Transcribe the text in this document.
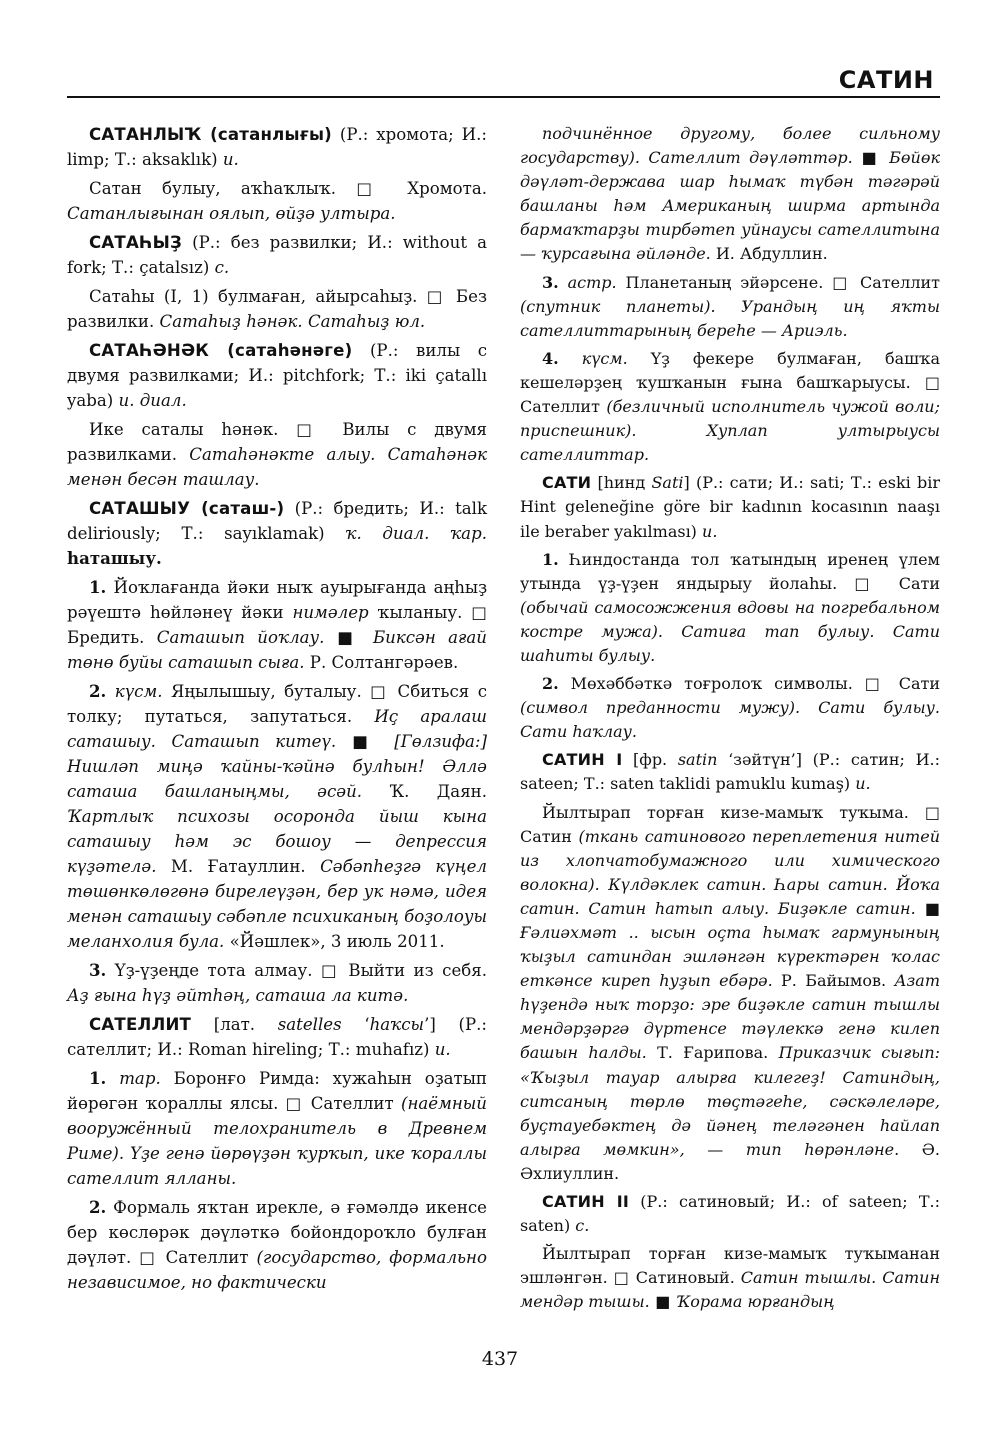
САТИН

САТАНЛЫҠ (сатанлығы) (Р.: хромота; И.: limp; Т.: aksaklık) и.

Сатан булыу, аҡһаҡлыҡ. □ Хромота. Сатанлығынан оялып, өйҙә ултыра.

САТАҺЫҘ (Р.: без развилки; И.: without a fork; Т.: çatalsız) с.

Сатаһы (I, 1) булмаған, айырсаһыҙ. □ Без развилки. Сатаһыҙ һәнәк. Сатаһыҙ юл.

САТАҺӘНӘК (сатаһәнәге) (Р.: вилы с двумя развилками; И.: pitchfork; Т.: iki çatallı yaba) и. диал.

Ике саталы һәнәк. □ Вилы с двумя развилками. Сатаһәнәкте алыу. Сатаһәнәк менән бесән ташлау.

САТАШЫУ (саташ-) (Р.: бредить; И.: talk deliriously; Т.: sayıklamak) ҡ. диал. ҡар. һаташыу.

1. Йоҡлағанда йәки ныҡ ауырығанда аңһыҙ рәүештә һөйләнеү йәки нимәлер ҡыланыу. □ Бредить. Саташып йоҡлау. ■ Биксән ағай төнө буйы саташып сыға. Р. Солтангәрәев.

2. күсм. Яңылышыу, буталыу. □ Сбиться с толку; путаться, запутаться. Иҫ аралаш саташыу. Саташып китеү. ■ [Гөлзифа:] Нишләп миңә ҡайны-ҡәйнә булһын! Әллә саташа башланыңмы, әсәй. Ҡ. Даян. Ҡартлыҡ психозы осоронда йыш кына саташыу һәм эс бошоу — депрессия күҙәтелә. М. Ғатауллин. Сәбәпһеҙгә күңел төшөнкөлөгөнә бирелеүҙән, бер ук нәмә, идея менән саташыу сәбәпле психиканың боҙолоуы меланхолия була. «Йәшлек», 3 июль 2011.

3. Үҙ-үҙеңде тота алмау. □ Выйти из себя. Аҙ ғына һүҙ әйтһәң, саташа ла китә.

САТЕЛЛИТ [лат. satelles ‘һаҡсы’] (Р.: сателлит; И.: Roman hireling; Т.: muhafız) и.

1. тар. Боронғо Римда: хужаһын оҙатып йөрөгән ҡораллы ялсы. □ Сателлит (наёмный вооружённый телохранитель в Древнем Риме). Үҙе генә йөрөүҙән ҡурҡып, ике ҡораллы сателлит ялланы.

2. Формаль яҡтан ирекле, ә ғәмәлдә икенсе бер көслөрәк дәүләткә бойондороҡло булған дәүләт. □ Сателлит (государство, формально независимое, но фактически

подчинённое другому, более сильному государству). Сателлит дәүләттәр. ■ Бөйөк дәүләт-держава шар һымаҡ түбән тәгәрәй башланы һәм Американың ширма артында бармаҡтарҙы тирбәтеп уйнаусы сателлитына — ҡурсағына әйләнде. И. Абдуллин.

3. астр. Планетаның эйәрсене. □ Сателлит (спутник планеты). Урандың иң яҡты сателлиттарының береһе — Ариэль.

4. күсм. Үҙ фекере булмаған, башҡа кешеләрҙең ҡушҡанын ғына башҡарыусы. □ Сателлит (безличный исполнитель чужой воли; приспешник). Хуплап ултырыусы сателлиттар.

САТИ [һинд Sati] (Р.: сати; И.: sati; Т.: eski bir Hint geleneğine göre bir kadının kocasının naaşı ile beraber yakılması) и.

1. Һиндостанда тол ҡатындың иренең үлем утында үҙ-үҙен яндырыу йолаһы. □ Сати (обычай самосожжения вдовы на погребальном костре мужа). Сатиға тап булыу. Сати шаһиты булыу.

2. Мөхәббәткә тоғролоҡ символы. □ Сати (символ преданности мужу). Сати булыу. Сати һаҡлау.

САТИН I [фр. satin ‘зәйтүн’] (Р.: сатин; И.: sateen; Т.: saten taklidi pamuklu kumaş) и.

Йылтырап торған кизе-мамыҡ туҡыма. □ Сатин (ткань сатинового переплетения нитей из хлопчатобумажного или химического волокна). Күлдәклек сатин. Һары сатин. Йоҡа сатин. Сатин һатып алыу. Биҙәкле сатин. ■ Ғәлиәхмәт .. ысын оҫта һымаҡ гармунының ҡыҙыл сатиндан эшләнгән күректәрен ҡолас еткәнсе киреп һуҙып ебәрә. Р. Байымов. Азат һүҙендә ныҡ торҙо: эре биҙәкле сатин тышлы мендәрҙәргә дүртенсе тәүлеккә генә килеп башын һалды. Т. Ғарипова. Приказчик сығып: «Ҡыҙыл тауар алырға килегеҙ! Сатиндың, ситсаның төрлө төҫтәгеһе, сәскәлеләре, буҫтауебәктең дә йәнең теләгәнен һайлап алырға мөмкин», — тип һөрәнләне. Ә. Әхлиуллин.

САТИН II (Р.: сатиновый; И.: of sateen; Т.: saten) с.

Йылтырап торған кизе-мамыҡ туҡыманан эшләнгән. □ Сатиновый. Сатин тышлы. Сатин мендәр тышы. ■ Ҡорама юрғандың

437
